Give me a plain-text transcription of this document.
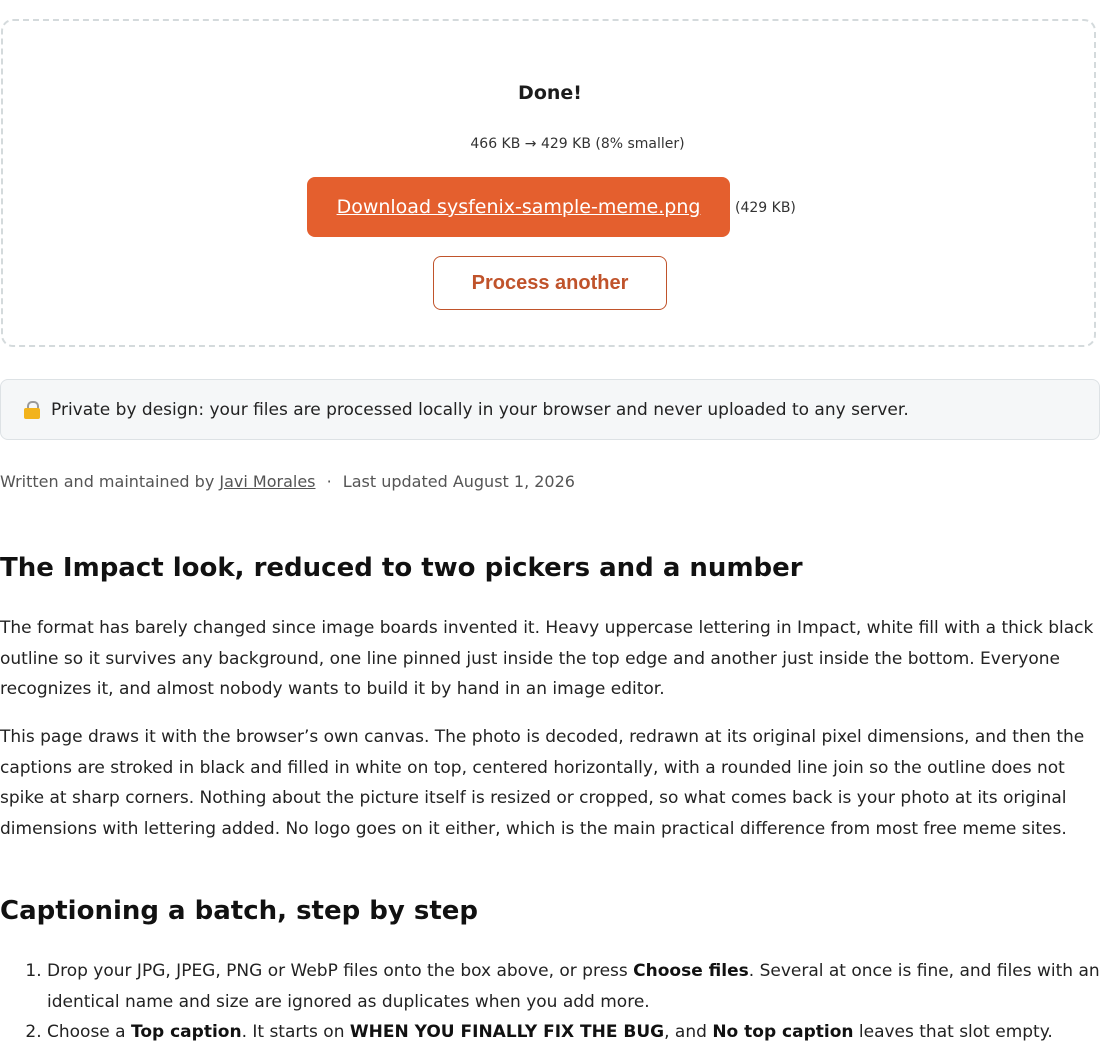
Done!
466 KB → 429 KB (8% smaller)
Download sysfenix-sample-meme.png	(429 KB)
Process another
Private by design: your files are processed locally in your browser and never uploaded to any server.
Written and maintained by Javi Morales · Last updated August 1, 2026
The Impact look, reduced to two pickers and a number

The format has barely changed since image boards invented it. Heavy uppercase lettering in Impact, white fill with a thick black outline so it survives any background, one line pinned just inside the top edge and another just inside the bottom. Everyone recognizes it, and almost nobody wants to build it by hand in an image editor.

This page draws it with the browser’s own canvas. The photo is decoded, redrawn at its original pixel dimensions, and then the captions are stroked in black and filled in white on top, centered horizontally, with a rounded line join so the outline does not spike at sharp corners. Nothing about the picture itself is resized or cropped, so what comes back is your photo at its original dimensions with lettering added. No logo goes on it either, which is the main practical difference from most free meme sites.

Captioning a batch, step by step
1. Drop your JPG, JPEG, PNG or WebP files onto the box above, or press Choose files. Several at once is fine, and files with an identical name and size are ignored as duplicates when you add more.
2. Choose a Top caption. It starts on WHEN YOU FINALLY FIX THE BUG, and No top caption leaves that slot empty.
